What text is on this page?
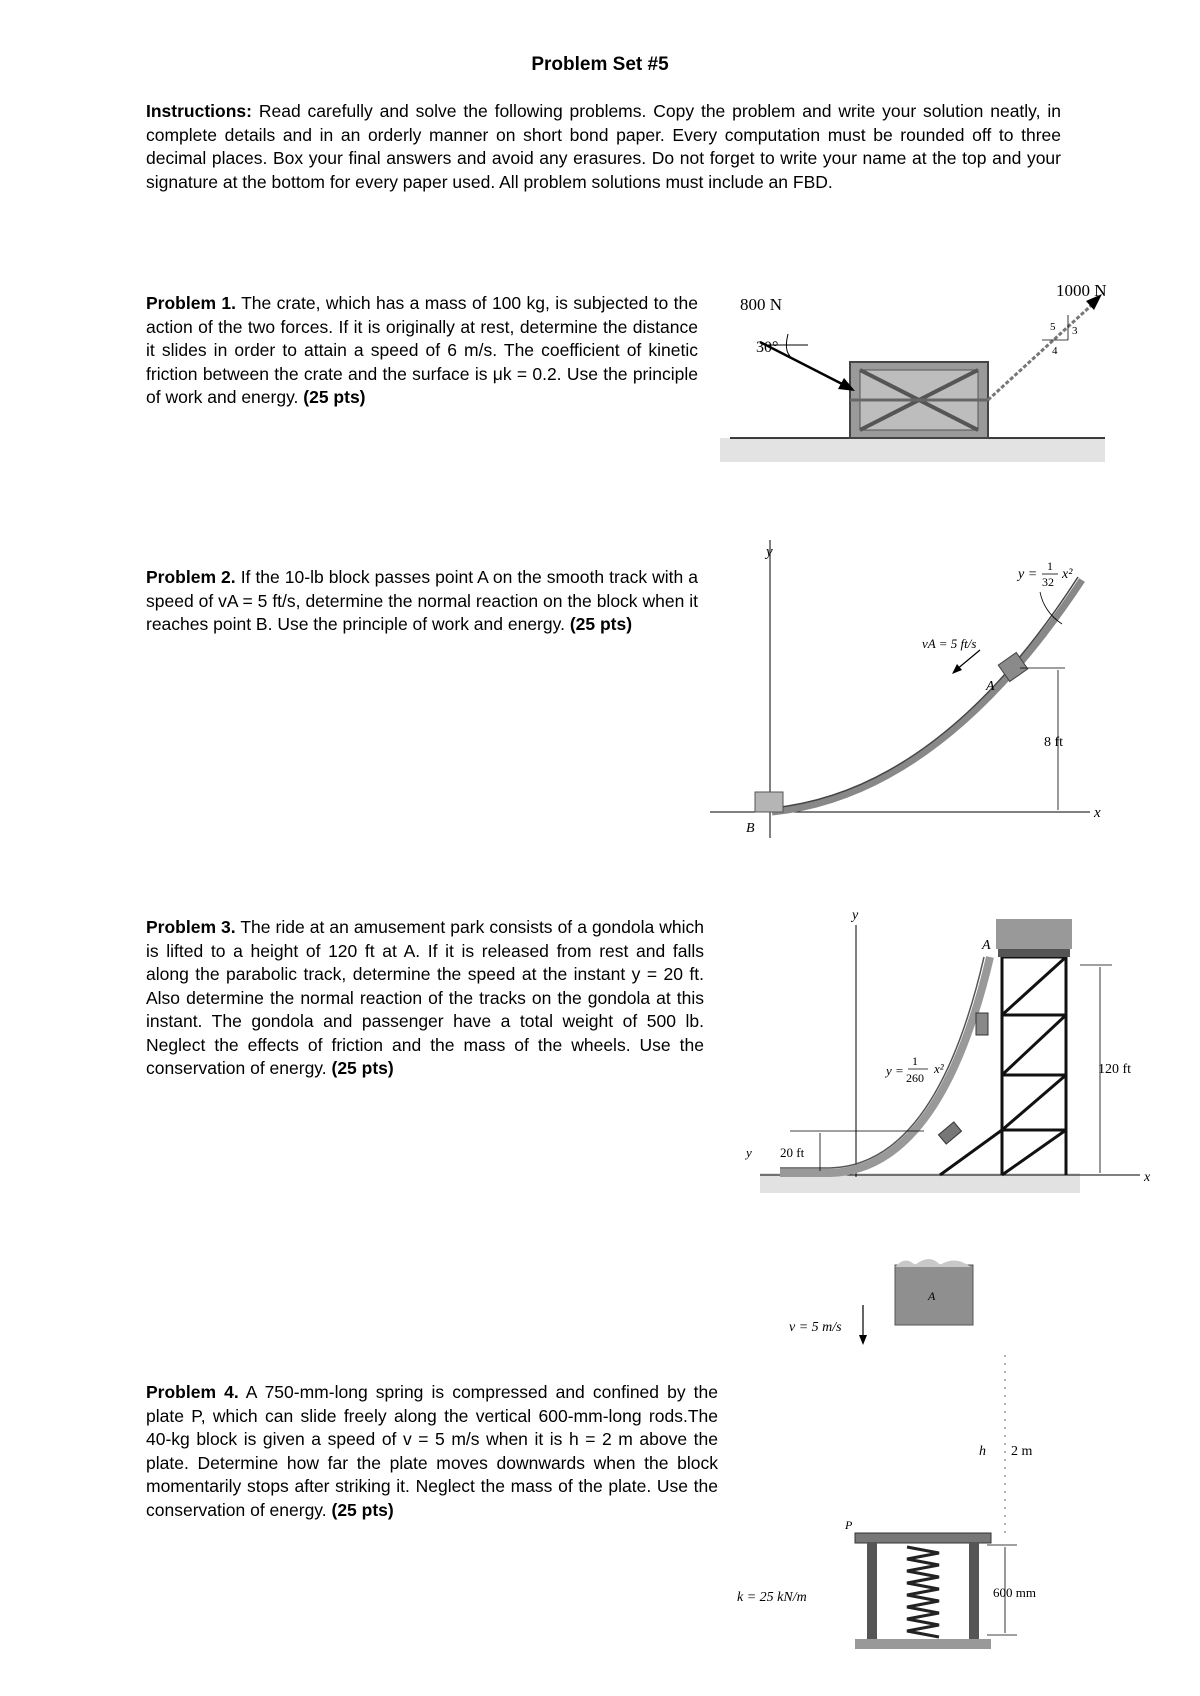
Problem Set #5
Instructions: Read carefully and solve the following problems. Copy the problem and write your solution neatly, in complete details and in an orderly manner on short bond paper. Every computation must be rounded off to three decimal places. Box your final answers and avoid any erasures. Do not forget to write your name at the top and your signature at the bottom for every paper used. All problem solutions must include an FBD.
Problem 1. The crate, which has a mass of 100 kg, is subjected to the action of the two forces. If it is originally at rest, determine the distance it slides in order to attain a speed of 6 m/s. The coefficient of kinetic friction between the crate and the surface is μk = 0.2. Use the principle of work and energy. (25 pts)
Problem 2. If the 10-lb block passes point A on the smooth track with a speed of vA = 5 ft/s, determine the normal reaction on the block when it reaches point B. Use the principle of work and energy. (25 pts)
Problem 3. The ride at an amusement park consists of a gondola which is lifted to a height of 120 ft at A. If it is released from rest and falls along the parabolic track, determine the speed at the instant y = 20 ft. Also determine the normal reaction of the tracks on the gondola at this instant. The gondola and passenger have a total weight of 500 lb. Neglect the effects of friction and the mass of the wheels. Use the conservation of energy. (25 pts)
Problem 4. A 750-mm-long spring is compressed and confined by the plate P, which can slide freely along the vertical 600-mm-long rods.The 40-kg block is given a speed of v = 5 m/s when it is h = 2 m above the plate. Determine how far the plate moves downwards when the block momentarily stops after striking it. Neglect the mass of the plate. Use the conservation of energy. (25 pts)
800 N
30°
1000 N
5 3
4
y
x
B
A
vA = 5 ft/s
8 ft
y =
1
32 x²
y
x
A
120 ft
y =
1
260
x²
y 20 ft
A
v = 5 m/s
h 2 m
P
k = 25 kN/m	600 mm
